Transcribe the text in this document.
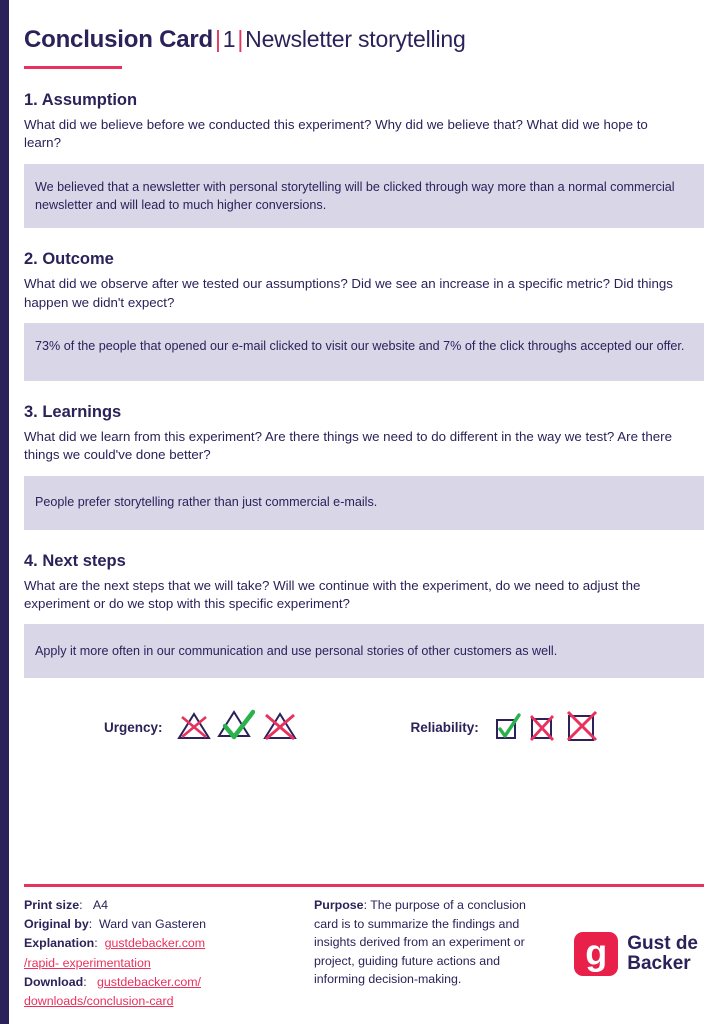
Conclusion Card|1|Newsletter storytelling
1. Assumption

What did we believe before we conducted this experiment? Why did we believe that? What did we hope to learn?

We believed that a newsletter with personal storytelling will be clicked through way more than a normal commercial newsletter and will lead to much higher conversions.
2. Outcome

What did we observe after we tested our assumptions? Did we see an increase in a specific metric? Did things happen we didn't expect?

73% of the people that opened our e-mail clicked to visit our website and 7% of the click throughs accepted our offer.
3. Learnings

What did we learn from this experiment? Are there things we need to do different in the way we test? Are there things we could've done better?

People prefer storytelling rather than just commercial e-mails.
4. Next steps

What are the next steps that we will take? Will we continue with the experiment, do we need to adjust the experiment or do we stop with this specific experiment?

Apply it more often in our communication and use personal stories of other customers as well.
Urgency:	Reliability:
Print size:   A4
Original by:  Ward van Gasteren
Explanation:  gustdebacker.com
/rapid- experimentation
Download:   gustdebacker.com/
downloads/conclusion-card
Purpose: The purpose of a conclusion card is to summarize the findings and insights derived from an experiment or project, guiding future actions and informing decision-making.
g
Gust de
Backer
